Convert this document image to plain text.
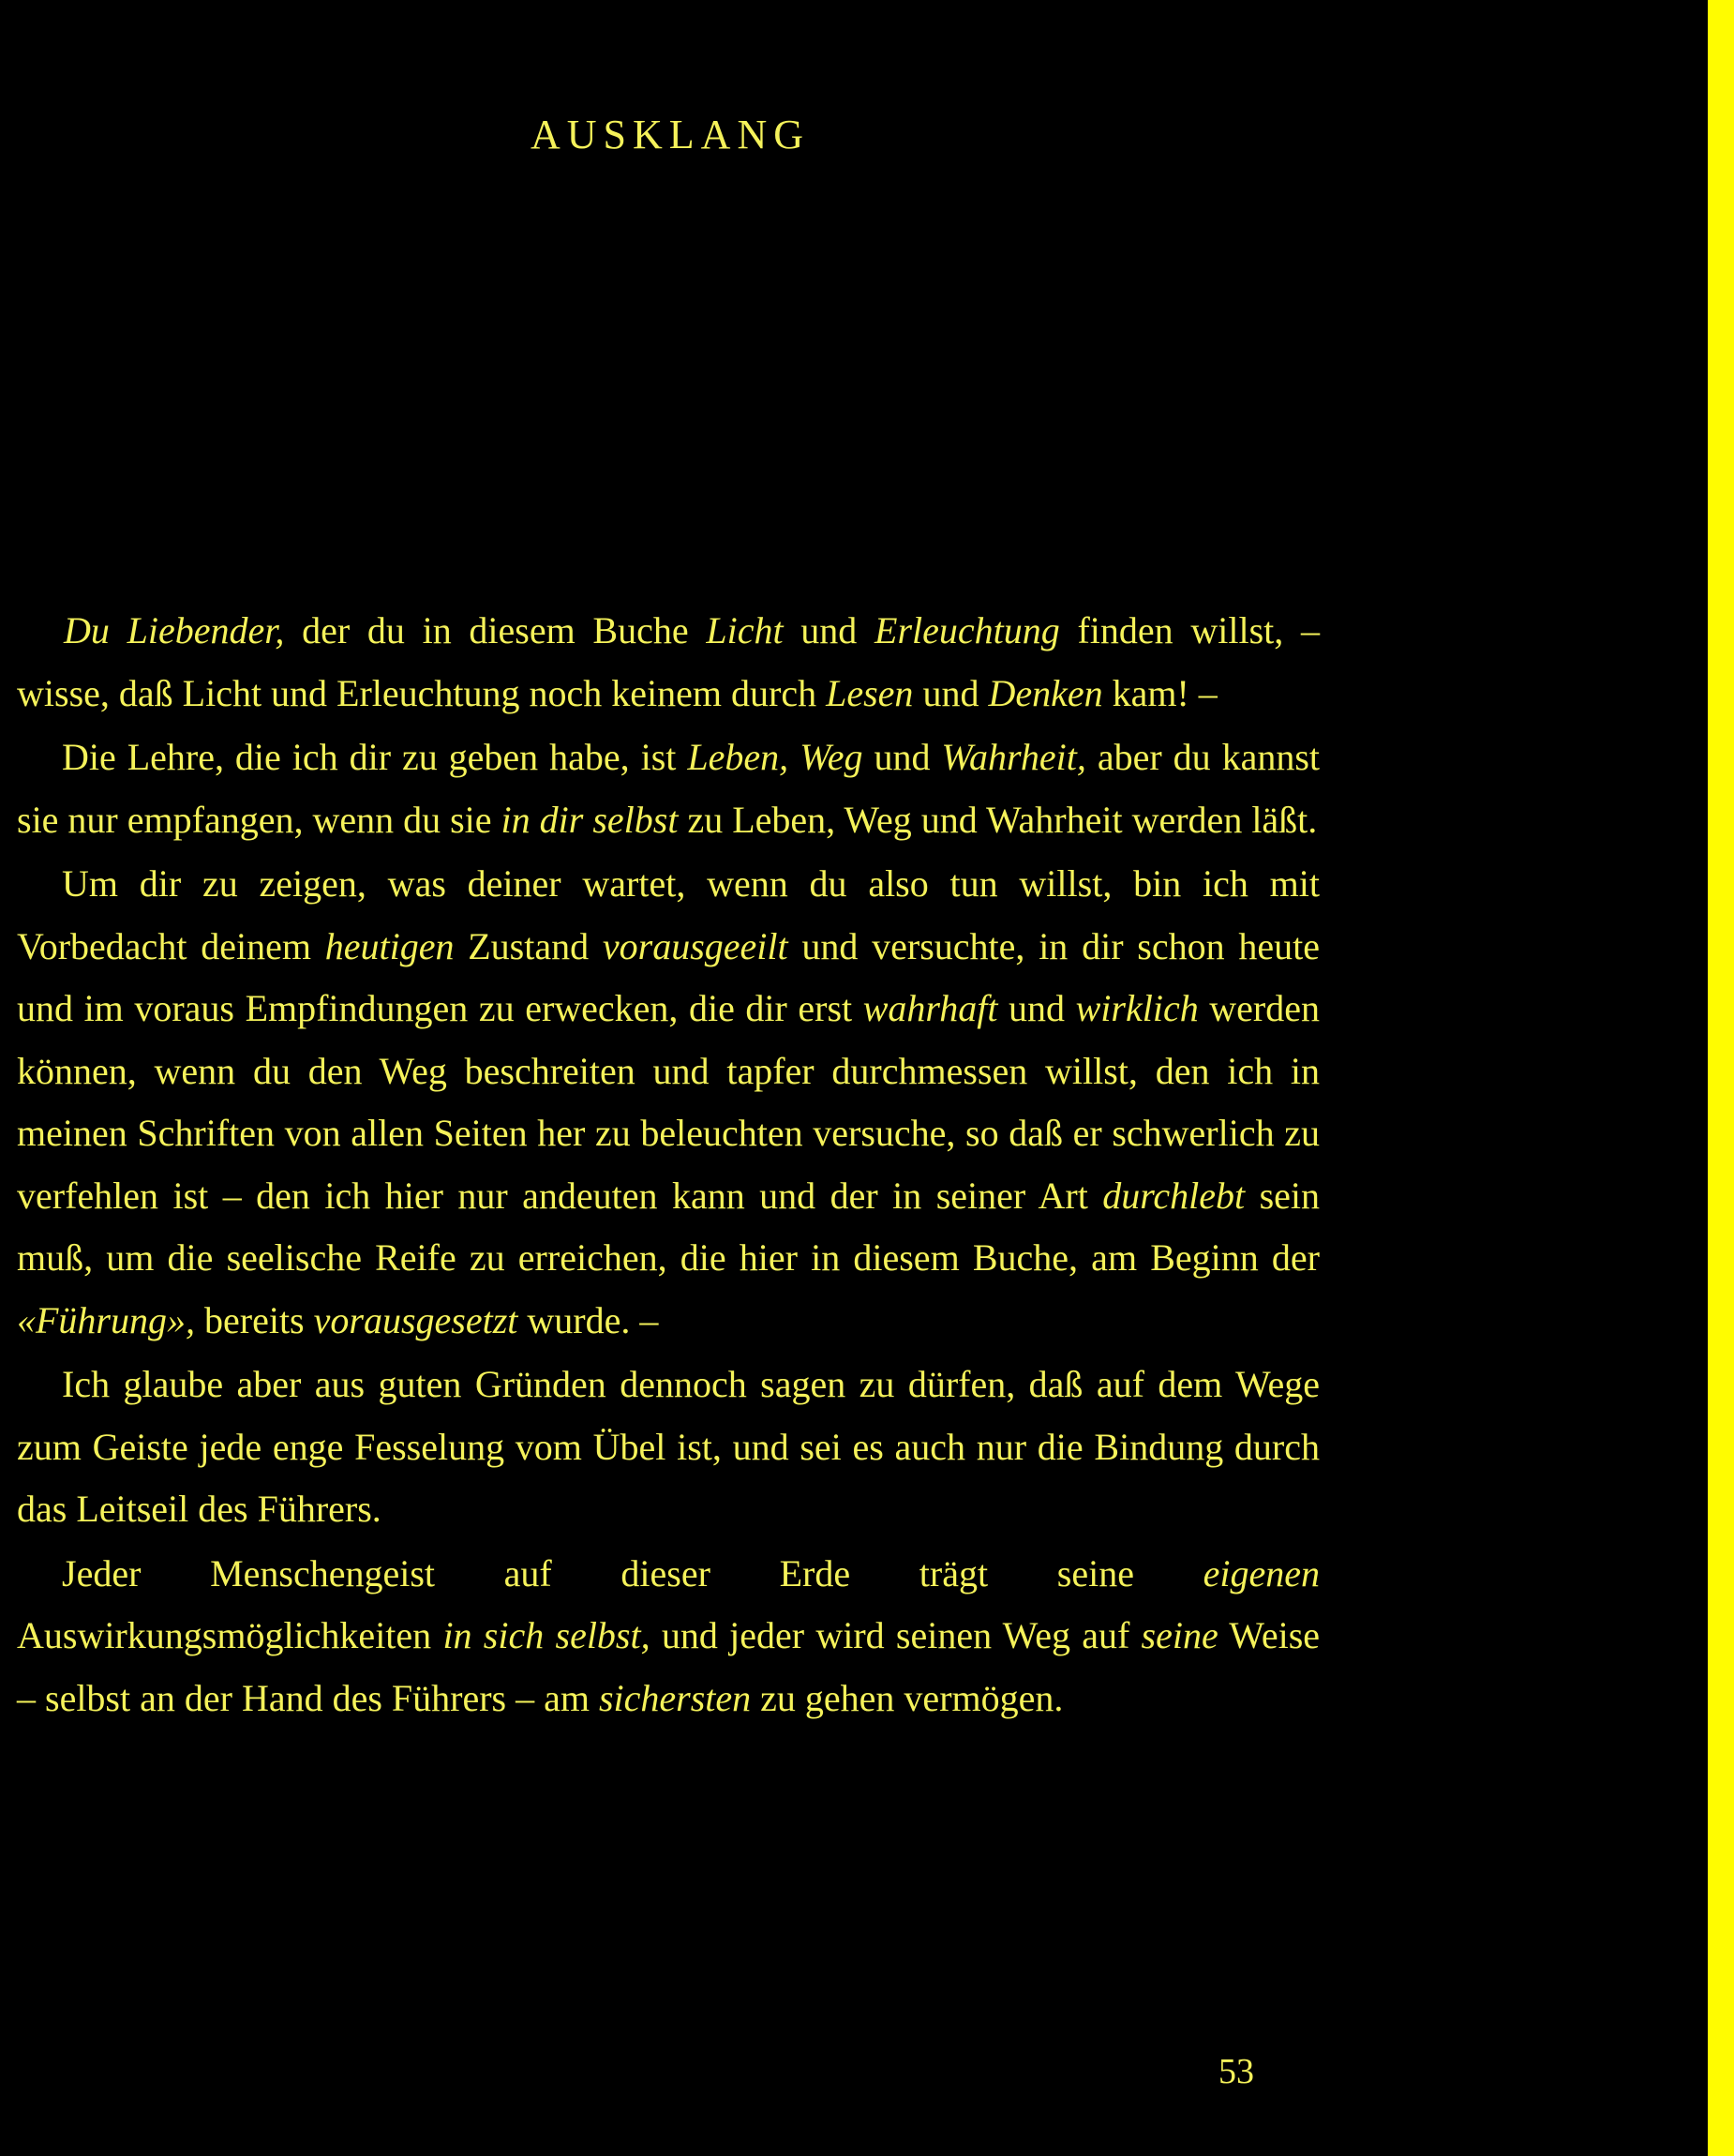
AUSKLANG

Du Liebender, der du in diesem Buche Licht und Erleuchtung finden willst, – wisse, daß Licht und Erleuchtung noch keinem durch Lesen und Denken kam! –

Die Lehre, die ich dir zu geben habe, ist Leben, Weg und Wahrheit, aber du kannst sie nur empfangen, wenn du sie in dir selbst zu Leben, Weg und Wahrheit werden läßt.

Um dir zu zeigen, was deiner wartet, wenn du also tun willst, bin ich mit Vorbedacht deinem heutigen Zustand vorausgeeilt und versuchte, in dir schon heute und im voraus Empfindungen zu erwecken, die dir erst wahrhaft und wirklich werden können, wenn du den Weg beschreiten und tapfer durchmessen willst, den ich in meinen Schriften von allen Seiten her zu beleuchten versuche, so daß er schwerlich zu verfehlen ist – den ich hier nur andeuten kann und der in seiner Art durchlebt sein muß, um die seelische Reife zu erreichen, die hier in diesem Buche, am Beginn der «Führung», bereits vorausgesetzt wurde. –

Ich glaube aber aus guten Gründen dennoch sagen zu dürfen, daß auf dem Wege zum Geiste jede enge Fesselung vom Übel ist, und sei es auch nur die Bindung durch das Leitseil des Führers.

Jeder Menschengeist auf dieser Erde trägt seine eigenen Auswirkungsmöglichkeiten in sich selbst, und jeder wird seinen Weg auf seine Weise – selbst an der Hand des Führers – am sichersten zu gehen vermögen.

53
